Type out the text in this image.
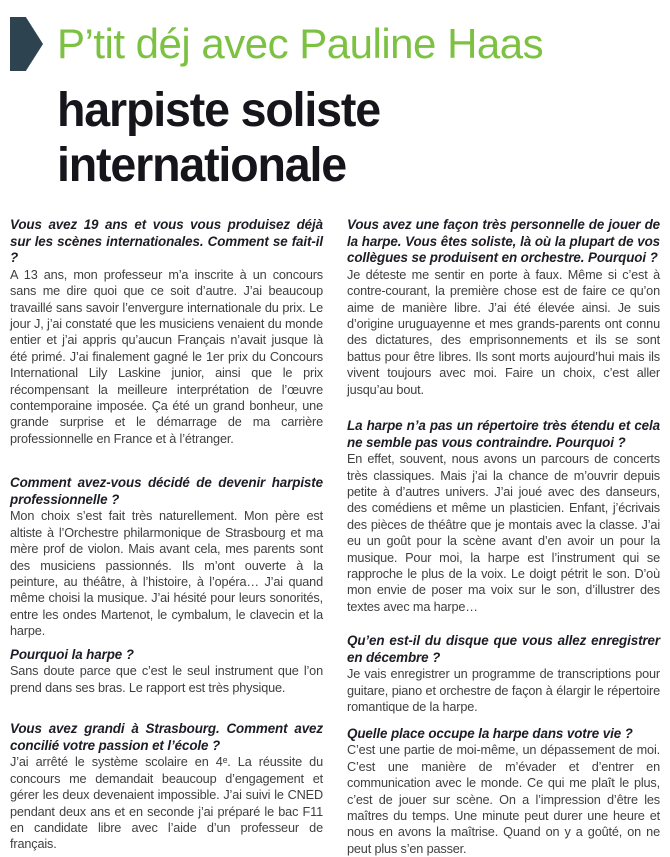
P’tit déj avec Pauline Haas
harpiste soliste
internationale
Vous avez 19 ans et vous vous produisez déjà sur les scènes internationales. Comment se fait-il ?

A 13 ans, mon professeur m’a inscrite à un concours sans me dire quoi que ce soit d’autre. J’ai beaucoup travaillé sans savoir l’envergure internationale du prix. Le jour J, j’ai constaté que les musiciens venaient du monde entier et j’ai appris qu’aucun Français n’avait jusque là été primé. J’ai finalement gagné le 1er prix du Concours International Lily Laskine junior, ainsi que le prix récompensant la meilleure interprétation de l’œuvre contemporaine imposée. Ça été un grand bonheur, une grande surprise et le démarrage de ma carrière professionnelle en France et à l’étranger.

Comment avez-vous décidé de devenir harpiste professionnelle ?

Mon choix s’est fait très naturellement. Mon père est altiste à l’Orchestre philarmonique de Strasbourg et ma mère prof de violon. Mais avant cela, mes parents sont des musiciens passionnés. Ils m’ont ouverte à la peinture, au théâtre, à l’histoire, à l’opéra… J’ai quand même choisi la musique. J’ai hésité pour leurs sonorités, entre les ondes Martenot, le cymbalum, le clavecin et la harpe.

Pourquoi la harpe ?

Sans doute parce que c’est le seul instrument que l’on prend dans ses bras. Le rapport est très physique.

Vous avez grandi à Strasbourg. Comment avez concilié votre passion et l’école ?

J’ai arrêté le système scolaire en 4ᵉ. La réussite du concours me demandait beaucoup d’engagement et gérer les deux devenaient impossible. J’ai suivi le CNED pendant deux ans et en seconde j’ai préparé le bac F11 en candidate libre avec l’aide d’un professeur de français.

Vous avez une façon très personnelle de jouer de la harpe. Vous êtes soliste, là où la plupart de vos collègues se produisent en orchestre. Pourquoi ?

Je déteste me sentir en porte à faux. Même si c’est à contre-courant, la première chose est de faire ce qu’on aime de manière libre. J’ai été élevée ainsi. Je suis d’origine uruguayenne et mes grands-parents ont connu des dictatures, des emprisonnements et ils se sont battus pour être libres. Ils sont morts aujourd’hui mais ils vivent toujours avec moi. Faire un choix, c’est aller jusqu’au bout.

La harpe n’a pas un répertoire très étendu et cela ne semble pas vous contraindre. Pourquoi ?

En effet, souvent, nous avons un parcours de concerts très classiques. Mais j’ai la chance de m’ouvrir depuis petite à d’autres univers. J’ai joué avec des danseurs, des comédiens et même un plasticien. Enfant, j’écrivais des pièces de théâtre que je montais avec la classe. J’ai eu un goût pour la scène avant d’en avoir un pour la musique. Pour moi, la harpe est l’instrument qui se rapproche le plus de la voix. Le doigt pétrit le son. D’où mon envie de poser ma voix sur le son, d’illustrer des textes avec ma harpe…

Qu’en est-il du disque que vous allez enregistrer en décembre ?

Je vais enregistrer un programme de transcriptions pour guitare, piano et orchestre de façon à élargir le répertoire romantique de la harpe.

Quelle place occupe la harpe dans votre vie ?

C’est une partie de moi-même, un dépassement de moi. C’est une manière de m’évader et d’entrer en communication avec le monde. Ce qui me plaît le plus, c’est de jouer sur scène. On a l’impression d’être les maîtres du temps. Une minute peut durer une heure et nous en avons la maîtrise. Quand on y a goûté, on ne peut plus s’en passer.
